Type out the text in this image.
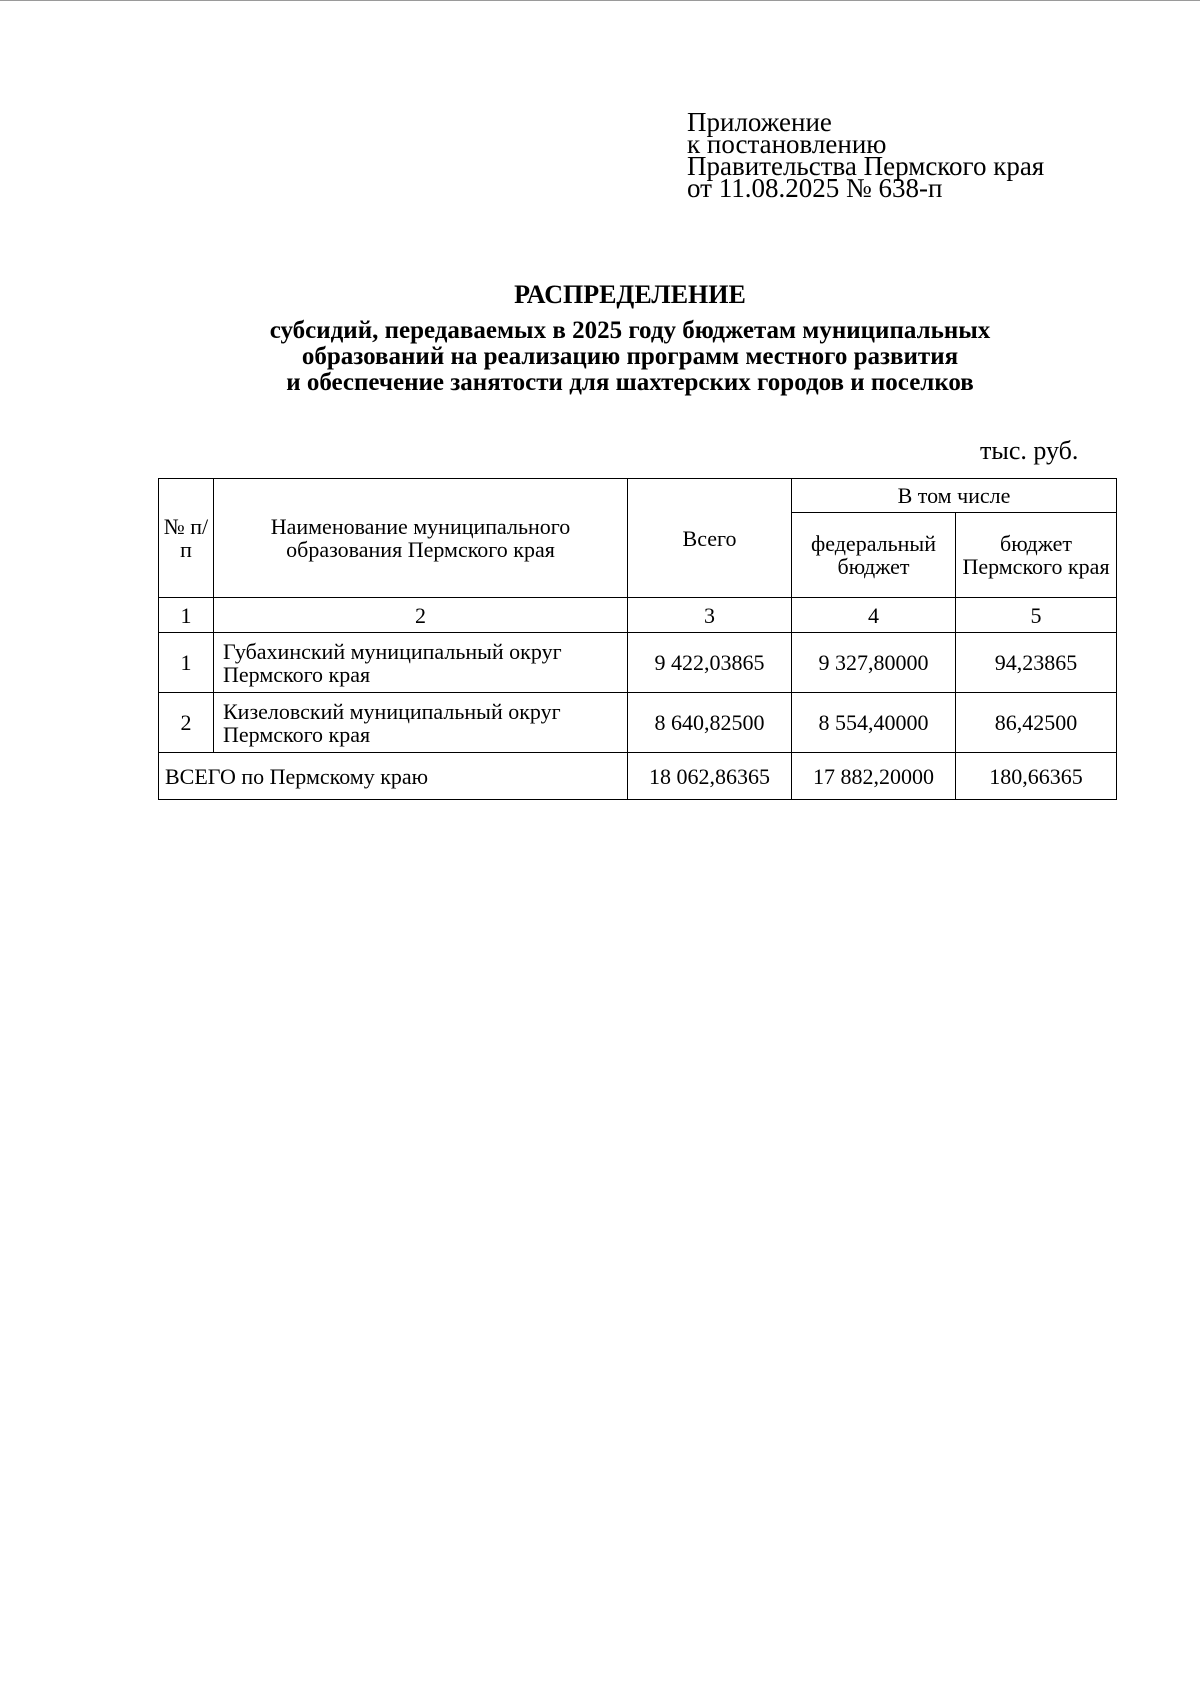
Приложение
к постановлению
Правительства Пермского края
от 11.08.2025 № 638-п
РАСПРЕДЕЛЕНИЕ
субсидий, передаваемых в 2025 году бюджетам муниципальных
образований на реализацию программ местного развития
и обеспечение занятости для шахтерских городов и поселков
тыс. руб.
№ п/п	Наименование муниципального образования Пермского края	Всего	В том числе	
			федеральный бюджет	бюджет Пермского края
1	2	3	4	5
1	Губахинский муниципальный округ Пермского края	9 422,03865	9 327,80000	94,23865
2	Кизеловский муниципальный округ Пермского края	8 640,82500	8 554,40000	86,42500
ВСЕГО по Пермскому краю		18 062,86365	17 882,20000	180,66365
